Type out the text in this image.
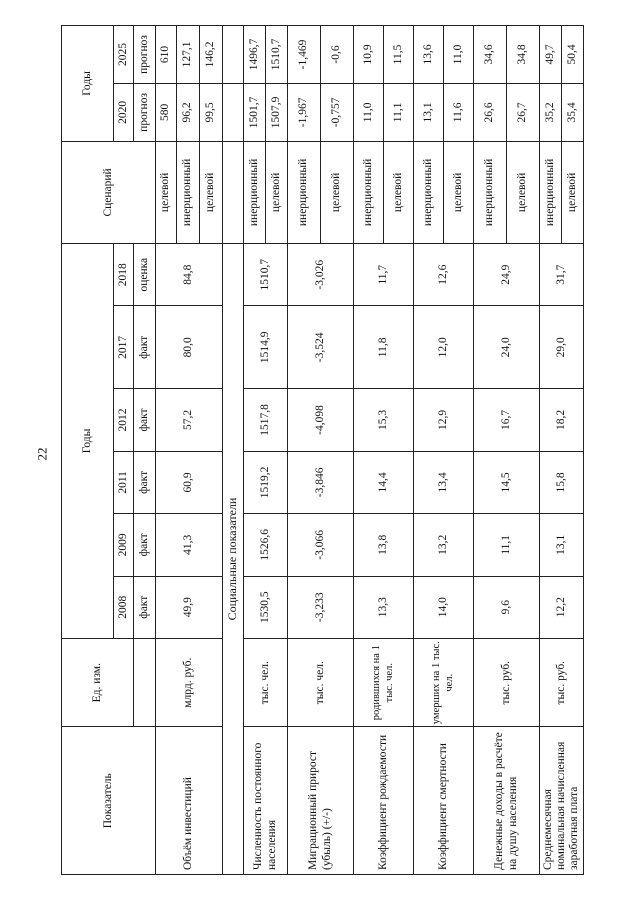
22
Показатель	Ед. изм.	Годы						Сценарий	Годы	
		2008	2009	2011	2012	2017	2018		2020	2025
		факт	факт	факт	факт	факт	оценка		прогноз	прогноз
Объём инвестиций	млрд. руб.	49,9	41,3	60,9	57,2	80,0	84,8	целевой	580	610
								инерционный	96,2	127,1
								целевой	99,5	146,2
Социальные показатели										
Численность постоянного населения	тыс. чел.	1530,5	1526,6	1519,2	1517,8	1514,9	1510,7	инерционный	1501,7	1496,7
								целевой	1507,9	1510,7
Миграционный прирост (убыль) (+/-)	тыс. чел.	-3,233	-3,066	-3,846	-4,098	-3,524	-3,026	инерционный	-1,967	-1,469
								целевой	-0,757	-0,6
Коэффициент рождаемости	родившихся на 1 тыс. чел.	13,3	13,8	14,4	15,3	11,8	11,7	инерционный	11,0	10,9
								целевой	11,1	11,5
Коэффициент смертности	умерших на 1 тыс. чел.	14,0	13,2	13,4	12,9	12,0	12,6	инерционный	13,1	13,6
								целевой	11,6	11,0
Денежные доходы в расчёте на душу населения	тыс. руб.	9,6	11,1	14,5	16,7	24,0	24,9	инерционный	26,6	34,6
								целевой	26,7	34,8
Среднемесячная номинальная начисленная заработная плата	тыс. руб.	12,2	13,1	15,8	18,2	29,0	31,7	инерционный	35,2	49,7
								целевой	35,4	50,4
